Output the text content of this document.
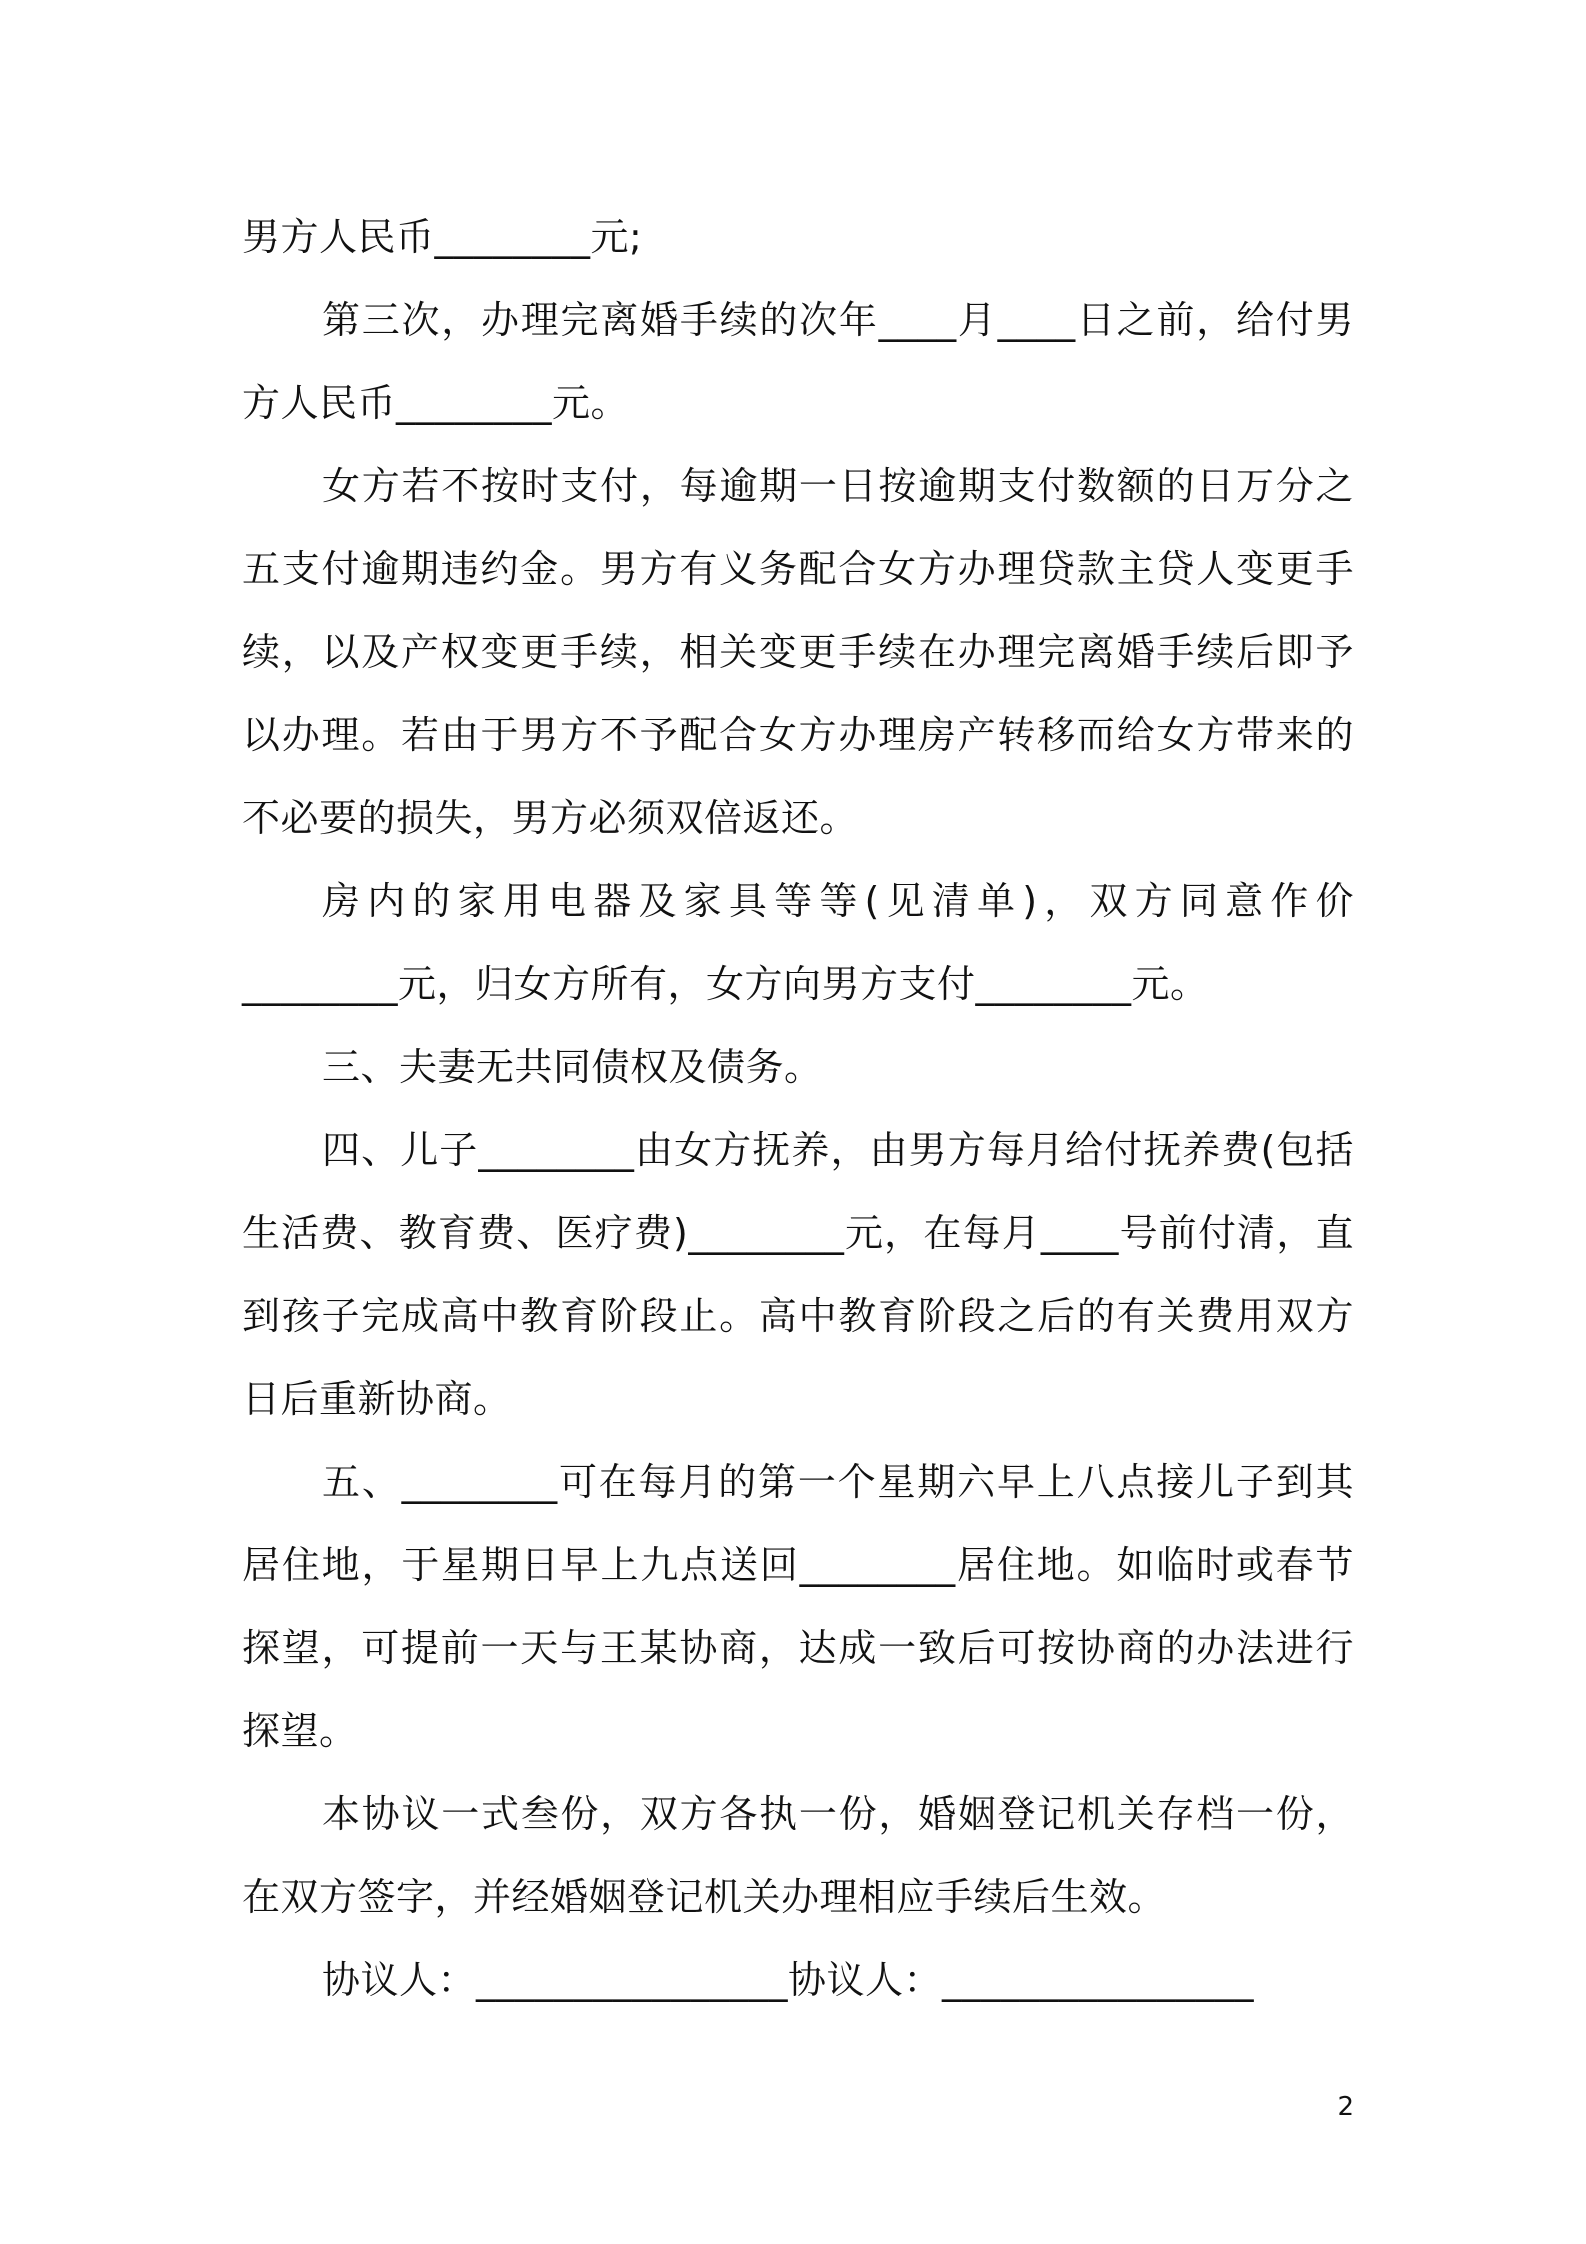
男方人民币________元;

第三次，办理完离婚手续的次年____月____日之前，给付男方人民币________元。

女方若不按时支付，每逾期一日按逾期支付数额的日万分之五支付逾期违约金。男方有义务配合女方办理贷款主贷人变更手续，以及产权变更手续，相关变更手续在办理完离婚手续后即予以办理。若由于男方不予配合女方办理房产转移而给女方带来的不必要的损失，男方必须双倍返还。

房内的家用电器及家具等等(见清单)，双方同意作价________元，归女方所有，女方向男方支付________元。

三、夫妻无共同债权及债务。

四、儿子________由女方抚养，由男方每月给付抚养费(包括生活费、教育费、医疗费)________元，在每月____号前付清，直到孩子完成高中教育阶段止。高中教育阶段之后的有关费用双方日后重新协商。

五、________可在每月的第一个星期六早上八点接儿子到其居住地，于星期日早上九点送回________居住地。如临时或春节探望，可提前一天与王某协商，达成一致后可按协商的办法进行探望。

本协议一式叁份，双方各执一份，婚姻登记机关存档一份，在双方签字，并经婚姻登记机关办理相应手续后生效。

协议人：________________协议人：________________

2
